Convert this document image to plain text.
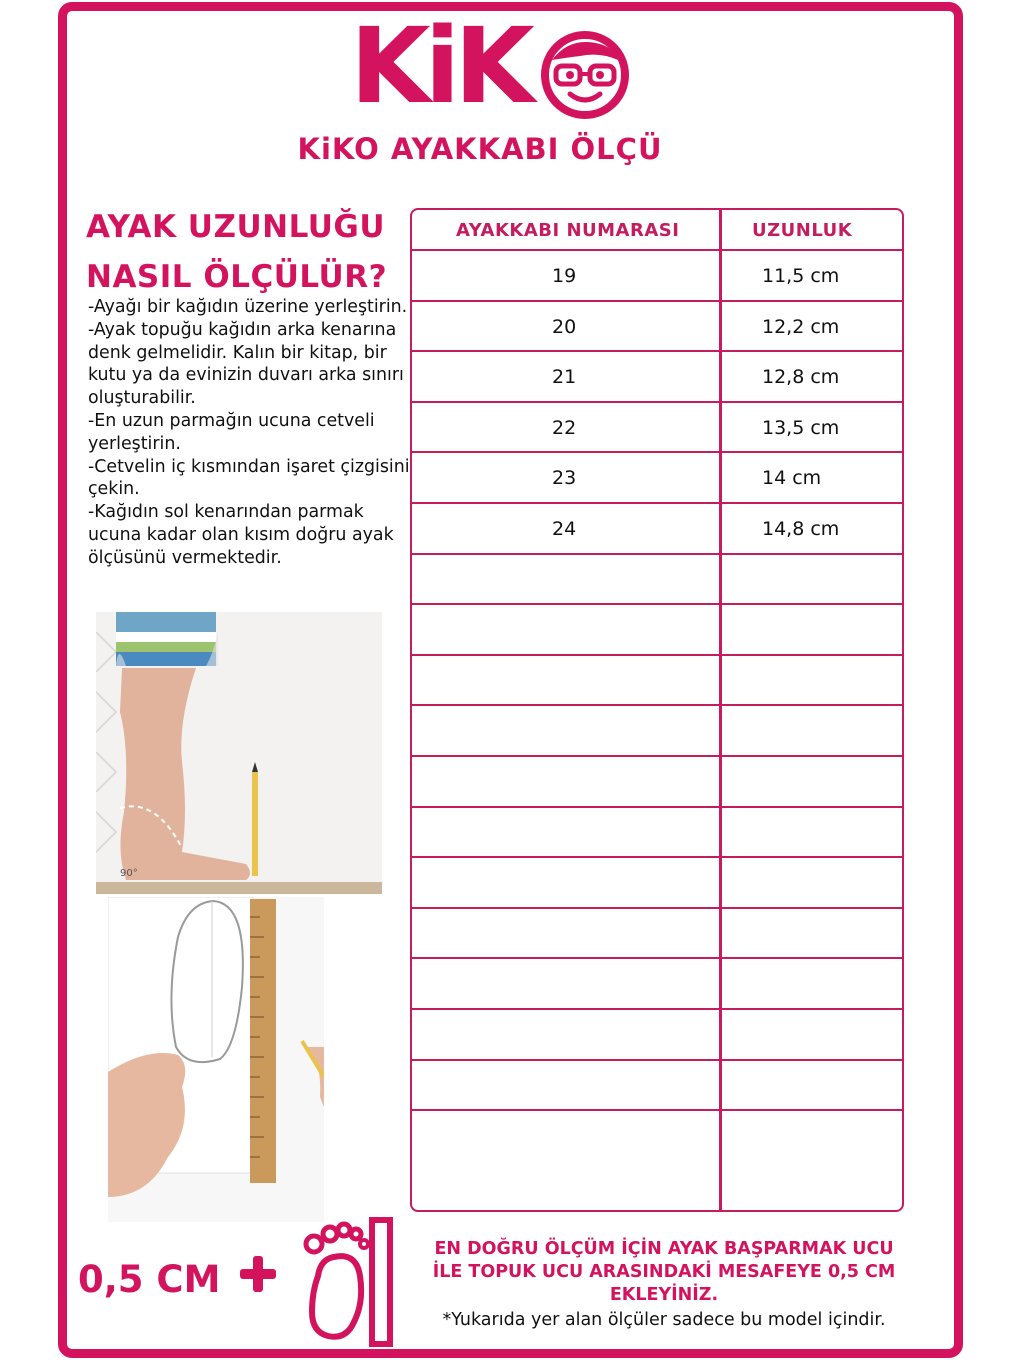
KiK
KiKO AYAKKABI ÖLÇÜ
AYAK UZUNLUĞU
NASIL ÖLÇÜLÜR?

-Ayağı bir kağıdın üzerine yerleştirin.

-Ayak topuğu kağıdın arka kenarına denk gelmelidir. Kalın bir kitap, bir kutu ya da evinizin duvarı arka sınırı oluşturabilir.

-En uzun parmağın ucuna cetveli yerleştirin.

-Cetvelin iç kısmından işaret çizgisini çekin.

-Kağıdın sol kenarından parmak ucuna kadar olan kısım doğru ayak ölçüsünü vermektedir.

90°
AYAKKABI NUMARASI	UZUNLUK
19	11,5 cm
20	12,2 cm
21	12,8 cm
22	13,5 cm
23	14 cm
24	14,8 cm
0,5 CM
EN DOĞRU ÖLÇÜM İÇİN AYAK BAŞPARMAK UCU
İLE TOPUK UCU ARASINDAKİ MESAFEYE 0,5 CM
EKLEYİNİZ.
*Yukarıda yer alan ölçüler sadece bu model içindir.
